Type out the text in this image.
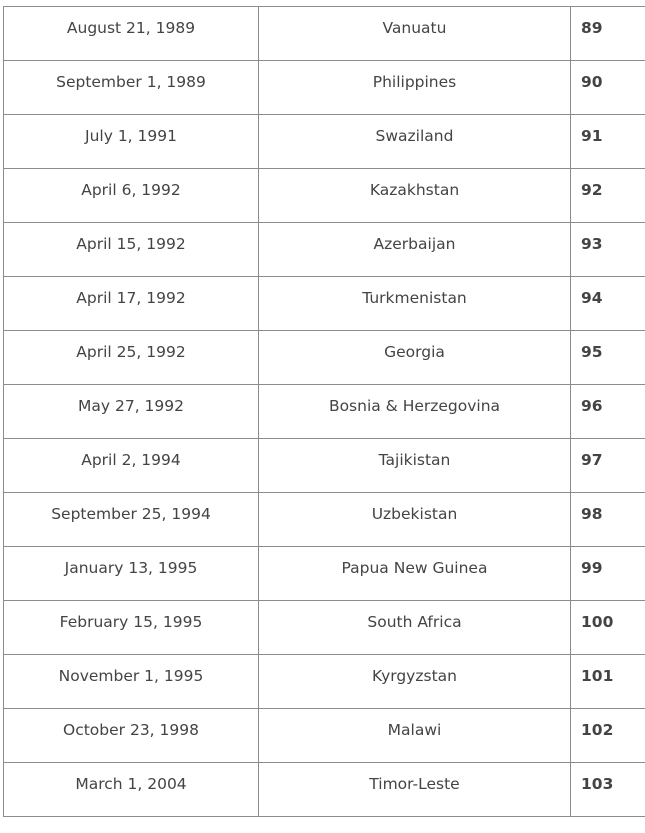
August 21, 1989	Vanuatu	89

September 1, 1989	Philippines	90

July 1, 1991	Swaziland	91

April 6, 1992	Kazakhstan	92

April 15, 1992	Azerbaijan	93

April 17, 1992	Turkmenistan	94

April 25, 1992	Georgia	95

May 27, 1992	Bosnia & Herzegovina	96

April 2, 1994	Tajikistan	97

September 25, 1994	Uzbekistan	98

January 13, 1995	Papua New Guinea	99

February 15, 1995	South Africa	100

November 1, 1995	Kyrgyzstan	101

October 23, 1998	Malawi	102

March 1, 2004	Timor-Leste	103
